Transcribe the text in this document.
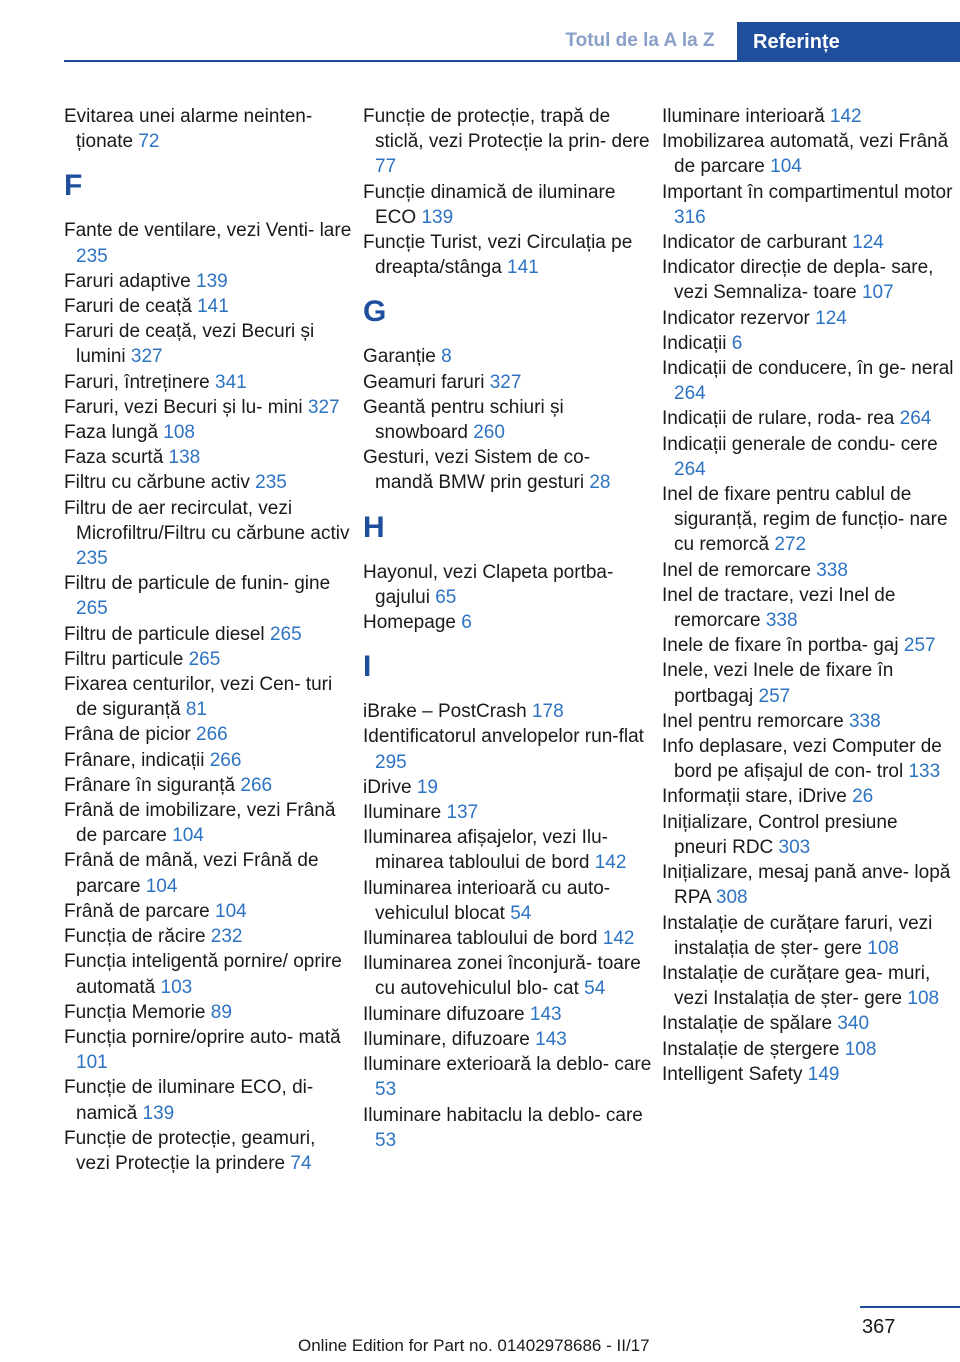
Totul de la A la Z	Referințe
Evitarea unei alarme neinten‐ ționate 72
F
Fante de ventilare, vezi Venti‐ lare 235
Faruri adaptive 139
Faruri de ceață 141
Faruri de ceață, vezi Becuri și lumini 327
Faruri, întreținere 341
Faruri, vezi Becuri și lu‐ mini 327
Faza lungă 108
Faza scurtă 138
Filtru cu cărbune activ 235
Filtru de aer recirculat, vezi Microfiltru/Filtru cu cărbune activ 235
Filtru de particule de funin‐ gine 265
Filtru de particule diesel 265
Filtru particule 265
Fixarea centurilor, vezi Cen‐ turi de siguranță 81
Frâna de picior 266
Frânare, indicații 266
Frânare în siguranță 266
Frână de imobilizare, vezi Frână de parcare 104
Frână de mână, vezi Frână de parcare 104
Frână de parcare 104
Funcția de răcire 232
Funcția inteligentă pornire/ oprire automată 103
Funcția Memorie 89
Funcția pornire/oprire auto‐ mată 101
Funcție de iluminare ECO, di‐ namică 139
Funcție de protecție, geamuri, vezi Protecție la prindere 74
Funcție de protecție, trapă de sticlă, vezi Protecție la prin‐ dere 77
Funcție dinamică de iluminare ECO 139
Funcție Turist, vezi Circulația pe dreapta/stânga 141
G
Garanție 8
Geamuri faruri 327
Geantă pentru schiuri și snowboard 260
Gesturi, vezi Sistem de co‐ mandă BMW prin gesturi 28
H
Hayonul, vezi Clapeta portba‐ gajului 65
Homepage 6
I
iBrake – PostCrash 178
Identificatorul anvelopelor run-flat 295
iDrive 19
Iluminare 137
Iluminarea afișajelor, vezi Ilu‐ minarea tabloului de bord 142
Iluminarea interioară cu auto‐ vehiculul blocat 54
Iluminarea tabloului de bord 142
Iluminarea zonei înconjură‐ toare cu autovehiculul blo‐ cat 54
Iluminare difuzoare 143
Iluminare, difuzoare 143
Iluminare exterioară la deblo‐ care 53
Iluminare habitaclu la deblo‐ care 53
Iluminare interioară 142
Imobilizarea automată, vezi Frână de parcare 104
Important în compartimentul motor 316
Indicator de carburant 124
Indicator direcție de depla‐ sare, vezi Semnaliza‐ toare 107
Indicator rezervor 124
Indicații 6
Indicații de conducere, în ge‐ neral 264
Indicații de rulare, roda‐ rea 264
Indicații generale de condu‐ cere 264
Inel de fixare pentru cablul de siguranță, regim de funcțio‐ nare cu remorcă 272
Inel de remorcare 338
Inel de tractare, vezi Inel de remorcare 338
Inele de fixare în portba‐ gaj 257
Inele, vezi Inele de fixare în portbagaj 257
Inel pentru remorcare 338
Info deplasare, vezi Computer de bord pe afișajul de con‐ trol 133
Informații stare, iDrive 26
Inițializare, Control presiune pneuri RDC 303
Inițializare, mesaj pană anve‐ lopă RPA 308
Instalație de curățare faruri, vezi instalația de șter‐ gere 108
Instalație de curățare gea‐ muri, vezi Instalația de șter‐ gere 108
Instalație de spălare 340
Instalație de ștergere 108
Intelligent Safety 149
367
Online Edition for Part no. 01402978686 - II/17
